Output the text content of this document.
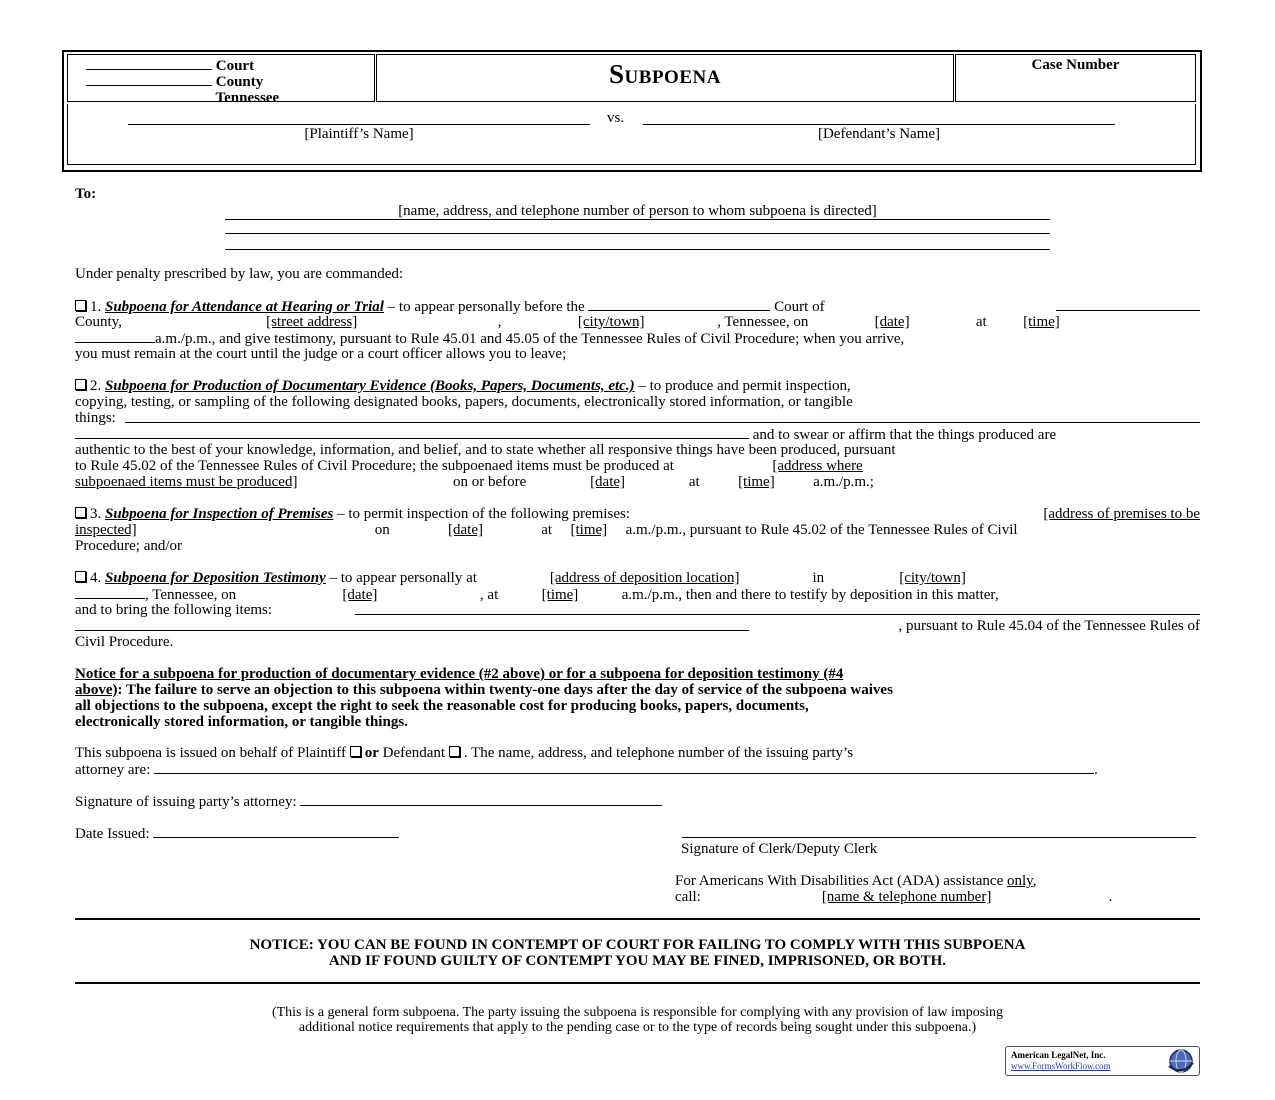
Court
County
Tennessee
Subpoena	Case Number
vs.
[Plaintiff’s Name]	[Defendant’s Name]
To:
[name, address, and telephone number of person to whom subpoena is directed]
Under penalty prescribed by law, you are commanded:
1. Subpoena for Attendance at Hearing or Trial – to appear personally before the	Court of
County,	[street address]	,	[city/town]	, Tennessee, on	[date]	at [time]
a.m./p.m., and give testimony, pursuant to Rule 45.01 and 45.05 of the Tennessee Rules of Civil Procedure; when you arrive,
you must remain at the court until the judge or a court officer allows you to leave;
2. Subpoena for Production of Documentary Evidence (Books, Papers, Documents, etc.) – to produce and permit inspection,
copying, testing, or sampling of the following designated books, papers, documents, electronically stored information, or tangible
things:
and to swear or affirm that the things produced are
authentic to the best of your knowledge, information, and belief, and to state whether all responsive things have been produced, pursuant
to Rule 45.02 of the Tennessee Rules of Civil Procedure; the subpoenaed items must be produced at	[address where
subpoenaed items must be produced]	on or before	[date]	at	[time]	a.m./p.m.;
3. Subpoena for Inspection of Premises – to permit inspection of the following premises:	[address of premises to be
inspected]	on	[date]	at [time] a.m./p.m., pursuant to Rule 45.02 of the Tennessee Rules of Civil
Procedure; and/or
4. Subpoena for Deposition Testimony – to appear personally at	[address of deposition location]	in	[city/town]
, Tennessee, on	[date]	, at	[time]	a.m./p.m., then and there to testify by deposition in this matter,
and to bring the following items:
, pursuant to Rule 45.04 of the Tennessee Rules of
Civil Procedure.
Notice for a subpoena for production of documentary evidence (#2 above) or for a subpoena for deposition testimony (#4
above): The failure to serve an objection to this subpoena within twenty-one days after the day of service of the subpoena waives
all objections to the subpoena, except the right to seek the reasonable cost for producing books, papers, documents,
electronically stored information, or tangible things.
This subpoena is issued on behalf of Plaintiff or Defendant . The name, address, and telephone number of the issuing party’s
attorney are:	.
Signature of issuing party’s attorney:
Date Issued:
Signature of Clerk/Deputy Clerk
For Americans With Disabilities Act (ADA) assistance only,
call:	[name & telephone number]	.
NOTICE: YOU CAN BE FOUND IN CONTEMPT OF COURT FOR FAILING TO COMPLY WITH THIS SUBPOENA
AND IF FOUND GUILTY OF CONTEMPT YOU MAY BE FINED, IMPRISONED, OR BOTH.
(This is a general form subpoena. The party issuing the subpoena is responsible for complying with any provision of law imposing
additional notice requirements that apply to the pending case or to the type of records being sought under this subpoena.)
American LegalNet, Inc.
www.FormsWorkFlow.com
